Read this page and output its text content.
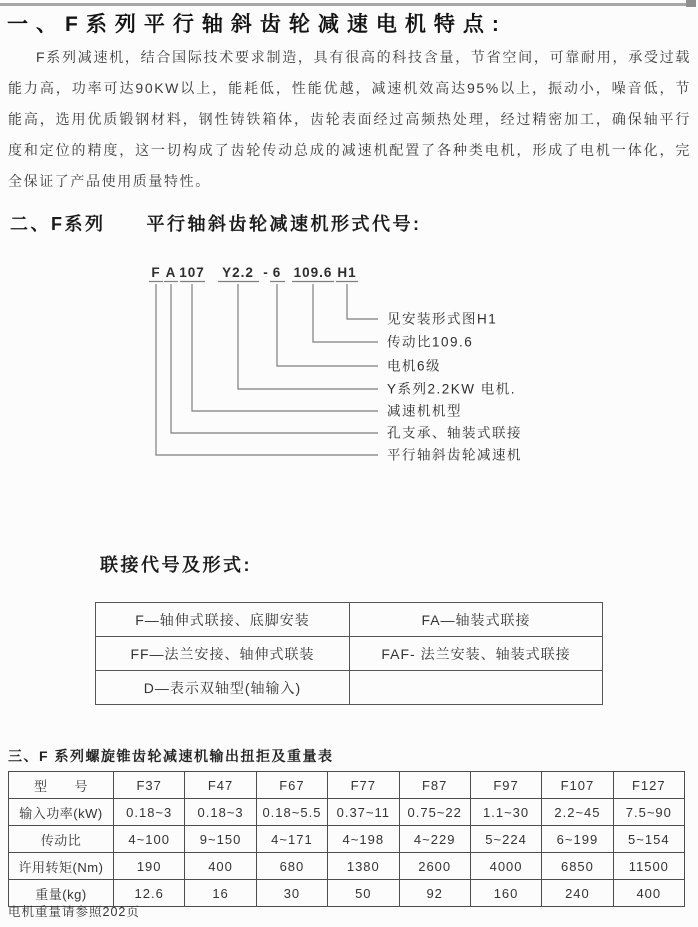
一、F系列平行轴斜齿轮减速电机特点:

F系列减速机，结合国际技术要求制造，具有很高的科技含量，节省空间，可靠耐用，承受过载能力高，功率可达90KW以上，能耗低，性能优越，减速机效高达95%以上，振动小，噪音低，节能高，选用优质锻钢材料，钢性铸铁箱体，齿轮表面经过高频热处理，经过精密加工，确保轴平行度和定位的精度，这一切构成了齿轮传动总成的减速机配置了各种类电机，形成了电机一体化，完全保证了产品使用质量特性。

二、F系列　　平行轴斜齿轮减速机形式代号:
F A 107 Y2.2 - 6 109.6 H1
见安装形式图H1
传动比109.6
电机6级
Y系列2.2KW 电机.
减速机机型
孔支承、轴装式联接
平行轴斜齿轮减速机
联接代号及形式:
F—轴伸式联接、底脚安装	FA—轴装式联接
FF—法兰安接、轴伸式联装	FAF- 法兰安装、轴装式联接
D—表示双轴型(轴输入)	
三、F 系列螺旋锥齿轮减速机输出扭拒及重量表
型　　号	F37	F47	F67	F77	F87	F97	F107	F127
输入功率(kW)	0.18~3	0.18~3	0.18~5.5	0.37~11	0.75~22	1.1~30	2.2~45	7.5~90
传动比	4~100	9~150	4~171	4~198	4~229	5~224	6~199	5~154
许用转矩(Nm)	190	400	680	1380	2600	4000	6850	11500
重量(kg)	12.6	16	30	50	92	160	240	400
电机重量请参照202页
